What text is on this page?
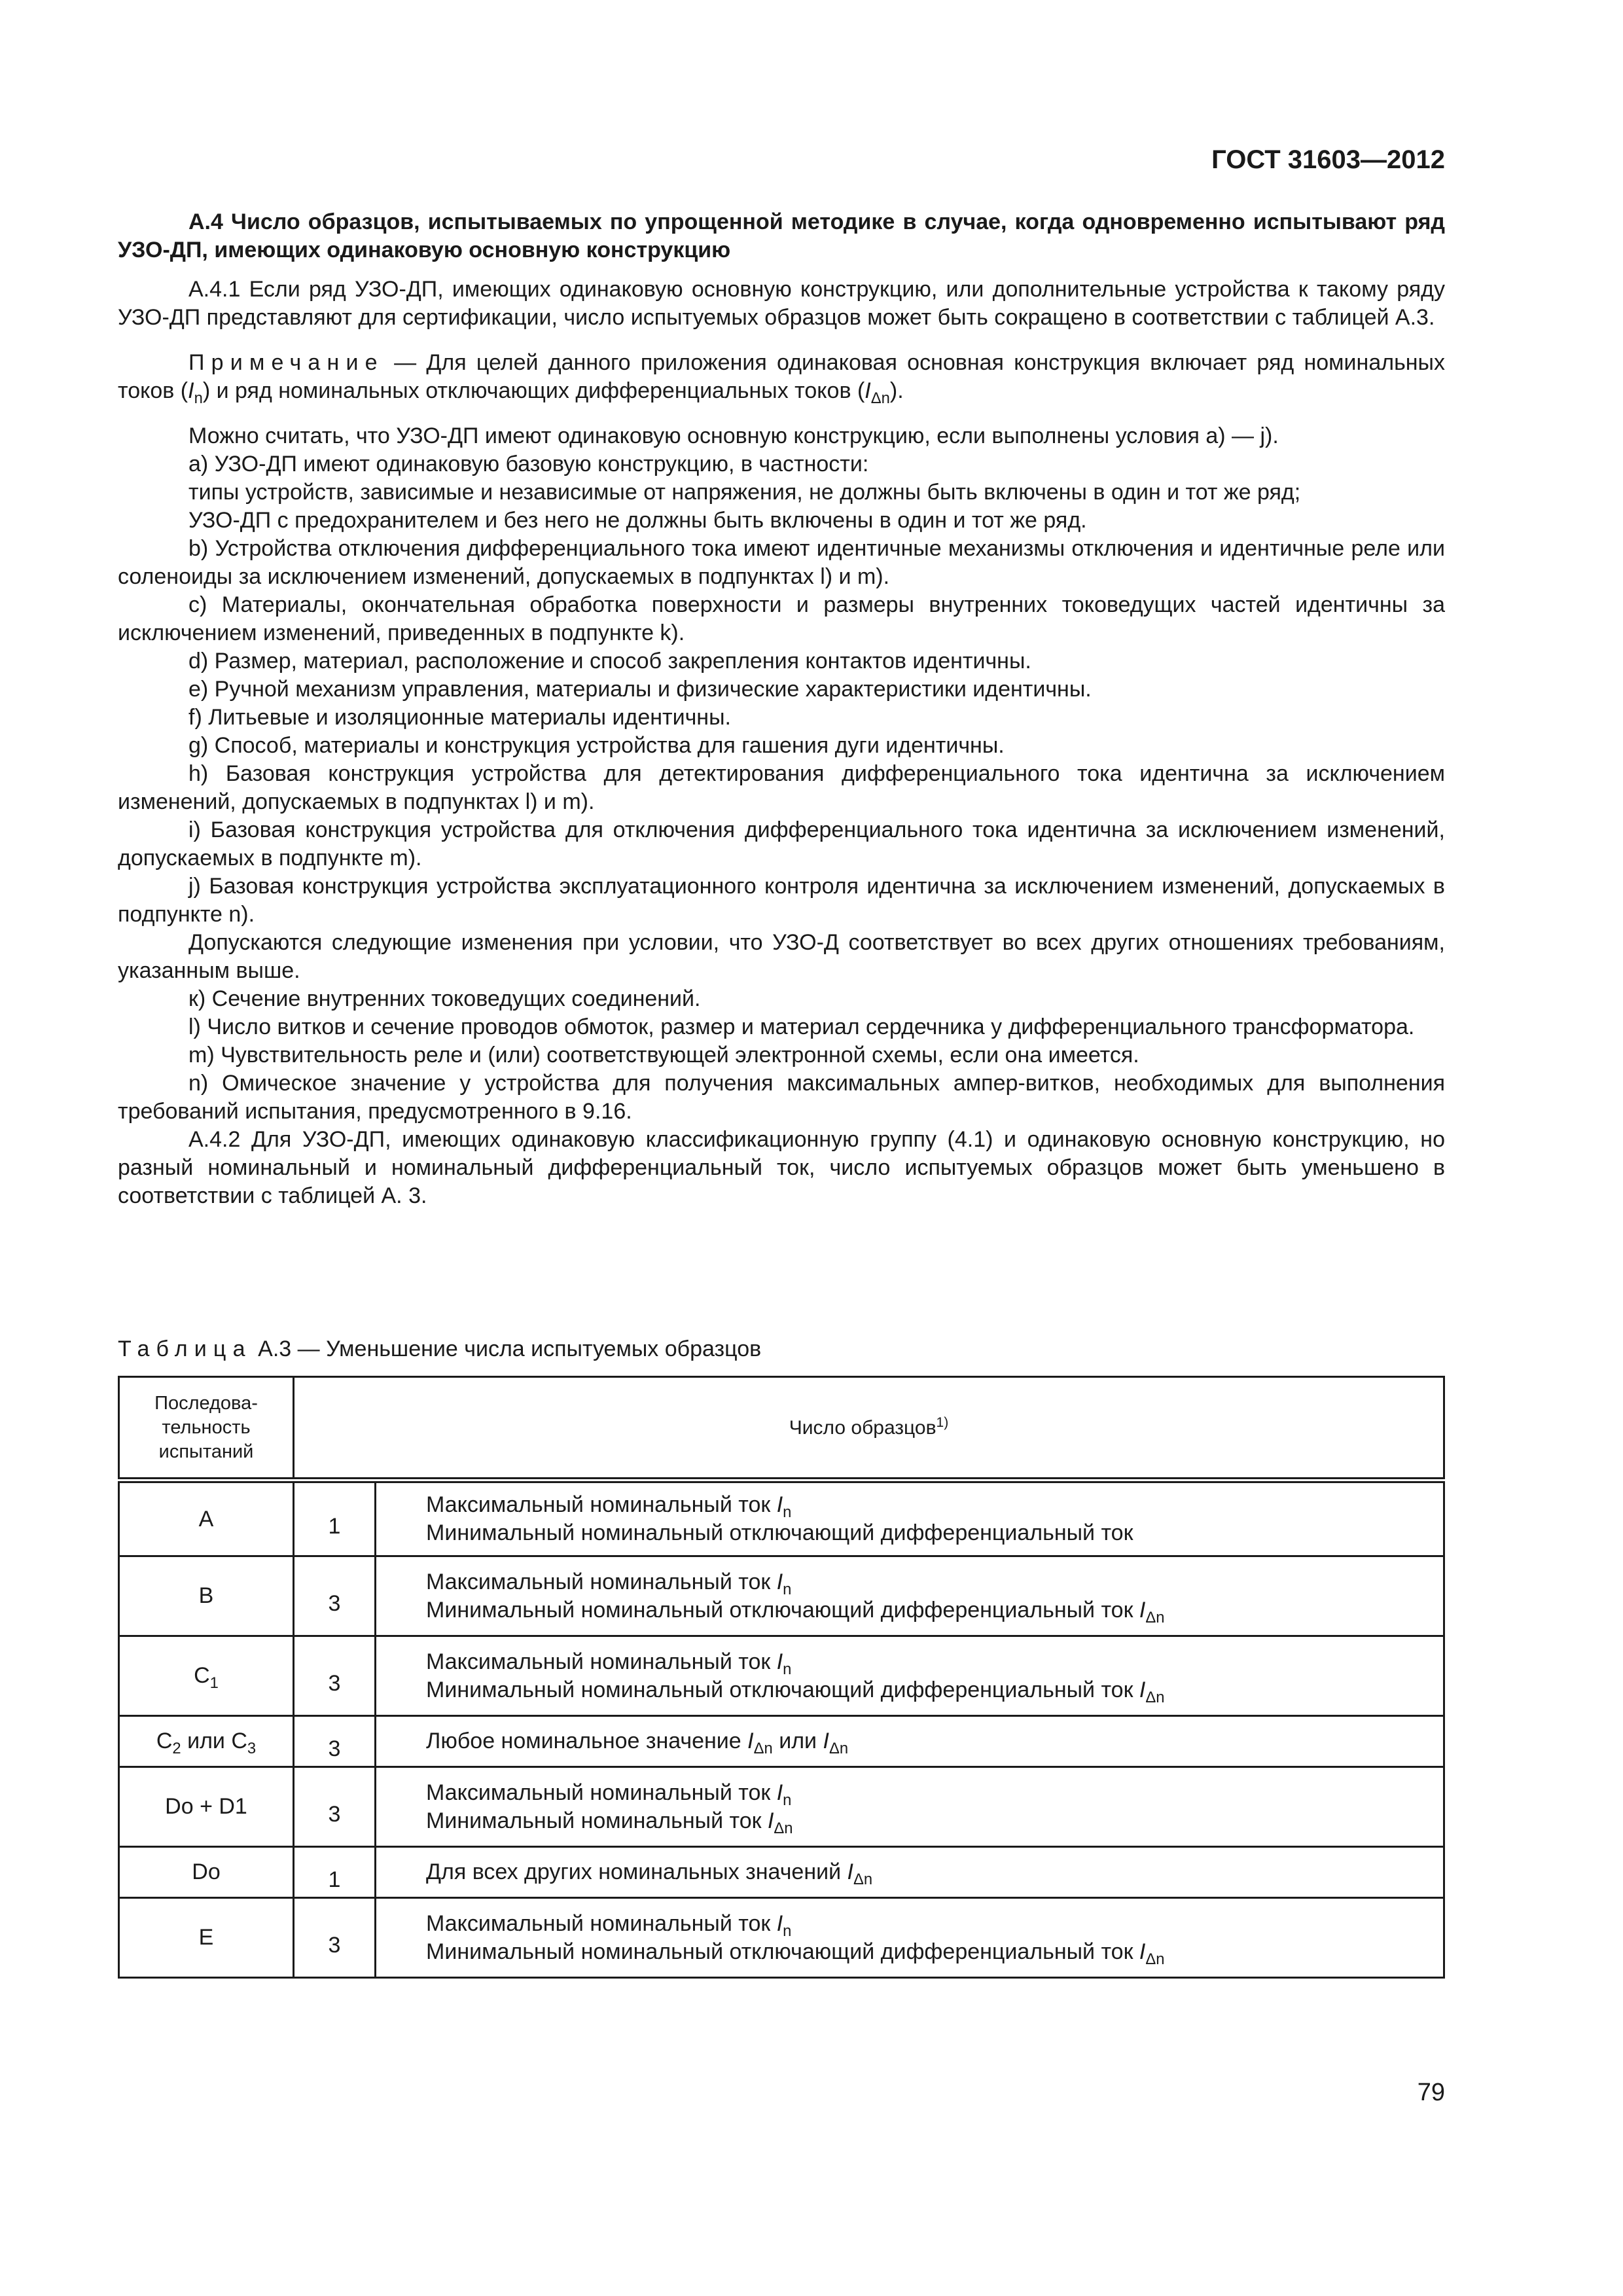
ГОСТ 31603—2012

А.4 Число образцов, испытываемых по упрощенной методике в случае, когда одновременно испытывают ряд УЗО-ДП, имеющих одинаковую основную конструкцию

А.4.1 Если ряд УЗО-ДП, имеющих одинаковую основную конструкцию, или дополнительные устройства к такому ряду УЗО-ДП представляют для сертификации, число испытуемых образцов может быть сокращено в соответствии с таблицей А.3.

Примечание — Для целей данного приложения одинаковая основная конструкция включает ряд номинальных токов $(I_n)$ и ряд номинальных отключающих дифференциальных токов $(I_{\Delta n})$.

Можно считать, что УЗО-ДП имеют одинаковую основную конструкцию, если выполнены условия а) — j).

а) УЗО-ДП имеют одинаковую базовую конструкцию, в частности:

типы устройств, зависимые и независимые от напряжения, не должны быть включены в один и тот же ряд;

УЗО-ДП с предохранителем и без него не должны быть включены в один и тот же ряд.

b) Устройства отключения дифференциального тока имеют идентичные механизмы отключения и идентичные реле или соленоиды за исключением изменений, допускаемых в подпунктах l) и m).

с) Материалы, окончательная обработка поверхности и размеры внутренних токоведущих частей идентичны за исключением изменений, приведенных в подпункте k).

d) Размер, материал, расположение и способ закрепления контактов идентичны.

e) Ручной механизм управления, материалы и физические характеристики идентичны.

f) Литьевые и изоляционные материалы идентичны.

g) Способ, материалы и конструкция устройства для гашения дуги идентичны.

h) Базовая конструкция устройства для детектирования дифференциального тока идентична за исключением изменений, допускаемых в подпунктах l) и m).

i) Базовая конструкция устройства для отключения дифференциального тока идентична за исключением изменений, допускаемых в подпункте m).

j) Базовая конструкция устройства эксплуатационного контроля идентична за исключением изменений, допускаемых в подпункте n).

Допускаются следующие изменения при условии, что УЗО-Д соответствует во всех других отношениях требованиям, указанным выше.

к) Сечение внутренних токоведущих соединений.

l) Число витков и сечение проводов обмоток, размер и материал сердечника у дифференциального трансформатора.

m) Чувствительность реле и (или) соответствующей электронной схемы, если она имеется.

n) Омическое значение у устройства для получения максимальных ампер-витков, необходимых для выполнения требований испытания, предусмотренного в 9.16.

А.4.2 Для УЗО-ДП, имеющих одинаковую классификационную группу (4.1) и одинаковую основную конструкцию, но разный номинальный и номинальный дифференциальный ток, число испытуемых образцов может быть уменьшено в соответствии с таблицей А. 3.

Таблица А.3 — Уменьшение числа испытуемых образцов
Последова-тельность испытаний	Число образцов$^{1)}$
A	1	Максимальный номинальный ток $I_n$
Минимальный номинальный отключающий дифференциальный ток

B	3	Максимальный номинальный ток $I_n$
Минимальный номинальный отключающий дифференциальный ток $I_{\Delta n}$

$C_1$	3	Максимальный номинальный ток $I_n$
Минимальный номинальный отключающий дифференциальный ток $I_{\Delta n}$

$C_2$ или $C_3$	3	Любое номинальное значение $I_{\Delta n}$ или $I_{\Delta n}$

Do + D1	3	Максимальный номинальный ток $I_n$
Минимальный номинальный ток $I_{\Delta n}$

Do	1	Для всех других номинальных значений $I_{\Delta n}$

E	3	Максимальный номинальный ток $I_n$
Минимальный номинальный отключающий дифференциальный ток $I_{\Delta n}$
79
